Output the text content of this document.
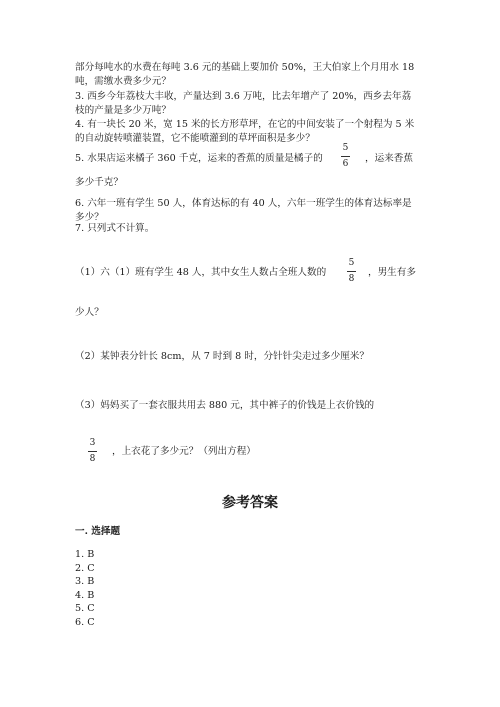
部分每吨水的水费在每吨 3.6 元的基础上要加价 50%，王大伯家上个月用水 18
吨，需缴水费多少元？
3. 西乡今年荔枝大丰收，产量达到 3.6 万吨，比去年增产了 20%，西乡去年荔
枝的产量是多少万吨？
4. 有一块长 20 米，宽 15 米的长方形草坪，在它的中间安装了一个射程为 5 米
的自动旋转喷灌装置，它不能喷灌到的草坪面积是多少？
5. 水果店运来橘子 360 千克，运来的香蕉的质量是橘子的
5
6 ，运来香蕉
多少千克？
6. 六年一班有学生 50 人，体育达标的有 40 人，六年一班学生的体育达标率是
多少？
7. 只列式不计算。
（1）六（1）班有学生 48 人，其中女生人数占全班人数的
5
8
，男生有多
少人？
（2）某钟表分针长 8cm，从 7 时到 8 时，分针针尖走过多少厘米？
（3）妈妈买了一套衣服共用去 880 元，其中裤子的价钱是上衣价钱的
3
8
，上衣花了多少元？（列出方程）
参考答案
一. 选择题
1. B
2. C
3. B
4. B
5. C
6. C
